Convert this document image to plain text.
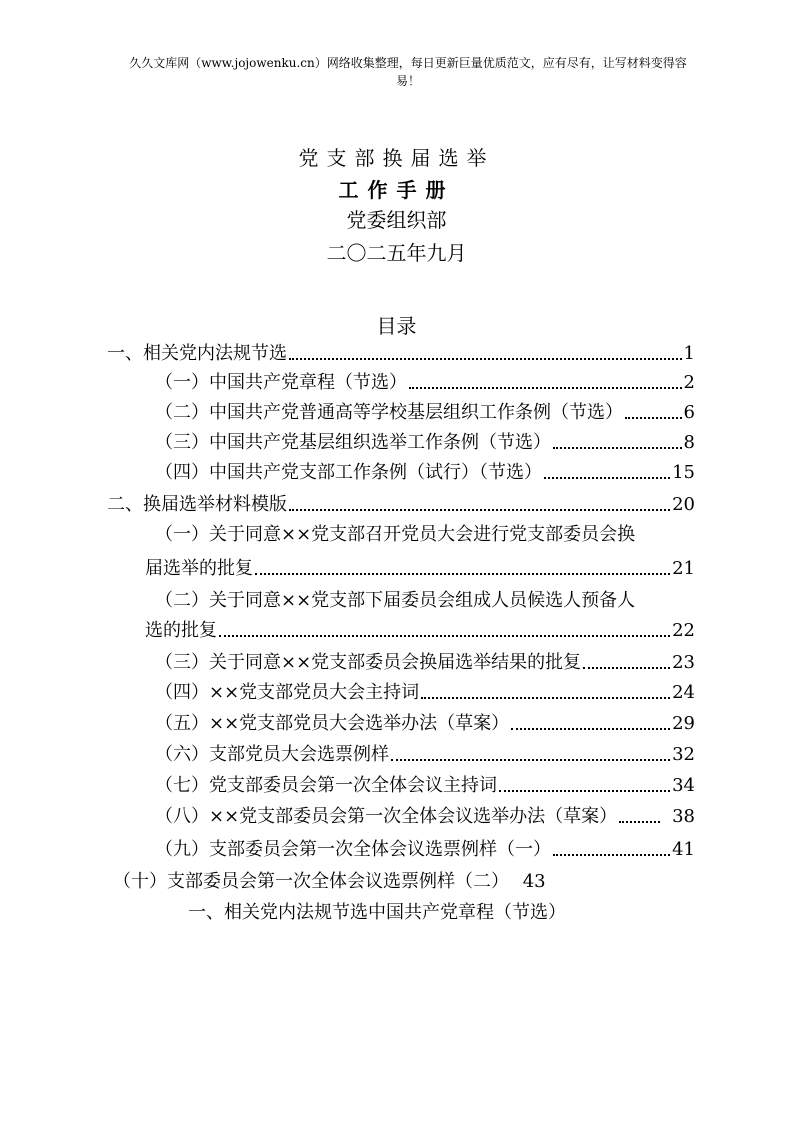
久久文库网（www.jojowenku.cn）网络收集整理，每日更新巨量优质范文，应有尽有，让写材料变得容易！
党支部换届选举
工作手册
党委组织部
二〇二五年九月
目录
一、相关党内法规节选	1
（一）中国共产党章程（节选）	2
（二）中国共产党普通高等学校基层组织工作条例（节选）	6
（三）中国共产党基层组织选举工作条例（节选）	8
（四）中国共产党支部工作条例（试行）（节选）	15
二、换届选举材料模版	20
（一）关于同意××党支部召开党员大会进行党支部委员会换
届选举的批复	21
（二）关于同意××党支部下届委员会组成人员候选人预备人
选的批复	22
（三）关于同意××党支部委员会换届选举结果的批复	23
（四）××党支部党员大会主持词	24
（五）××党支部党员大会选举办法（草案）	29
（六）支部党员大会选票例样	32
（七）党支部委员会第一次全体会议主持词	34
（八）××党支部委员会第一次全体会议选举办法（草案）	38
（九）支部委员会第一次全体会议选票例样（一）	41
（十）支部委员会第一次全体会议选票例样（二） 43
一、相关党内法规节选中国共产党章程（节选）
